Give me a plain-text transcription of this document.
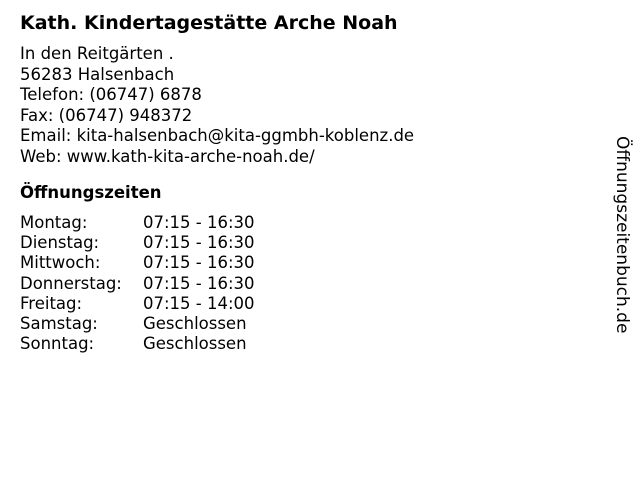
Kath. Kindertagestätte Arche Noah
In den Reitgärten .
56283 Halsenbach
Telefon: (06747) 6878
Fax: (06747) 948372
Email: kita-halsenbach@kita-ggmbh-koblenz.de
Web: www.kath-kita-arche-noah.de/
Öffnungszeiten
Montag:	07:15 - 16:30
Dienstag:	07:15 - 16:30
Mittwoch:	07:15 - 16:30
Donnerstag:	07:15 - 16:30
Freitag:	07:15 - 14:00
Samstag:	Geschlossen
Sonntag:	Geschlossen
Öffnungszeitenbuch.de
